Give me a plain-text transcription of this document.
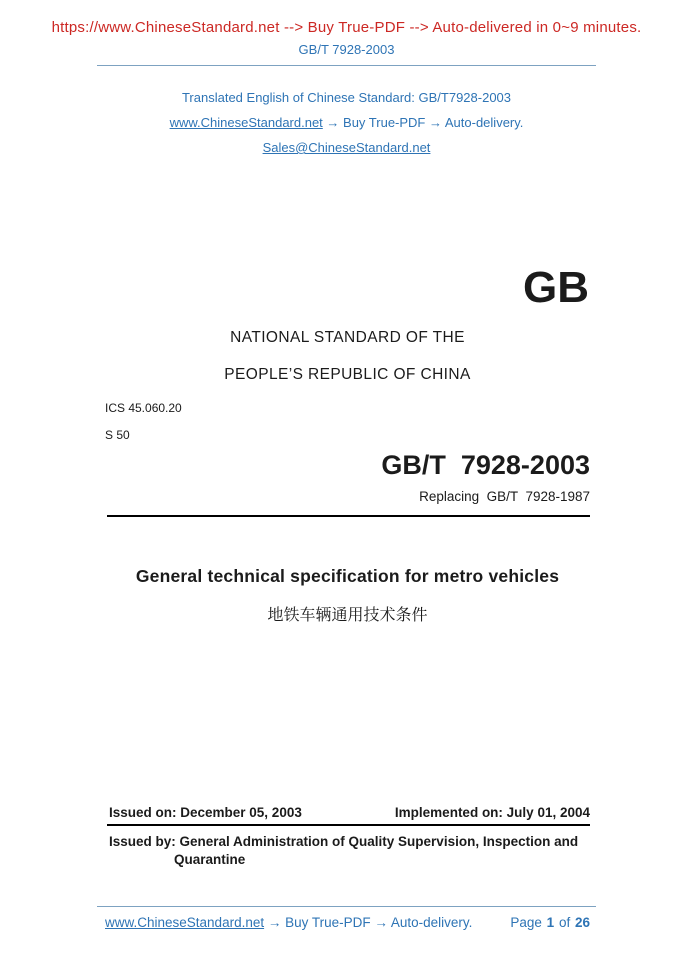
https://www.ChineseStandard.net --> Buy True-PDF --> Auto-delivered in 0~9 minutes.
GB/T 7928-2003
Translated English of Chinese Standard: GB/T7928-2003
www.ChineseStandard.net → Buy True-PDF → Auto-delivery.
Sales@ChineseStandard.net
GB
NATIONAL STANDARD OF THE
PEOPLE’S REPUBLIC OF CHINA
ICS 45.060.20
S 50
GB/T  7928-2003
Replacing  GB/T  7928-1987
General technical specification for metro vehicles
地铁车辆通用技术条件
Issued on: December 05, 2003	Implemented on: July 01, 2004
Issued by: General Administration of Quality Supervision, Inspection and
Quarantine
www.ChineseStandard.net → Buy True-PDF → Auto-delivery.	Page 1 of 26
